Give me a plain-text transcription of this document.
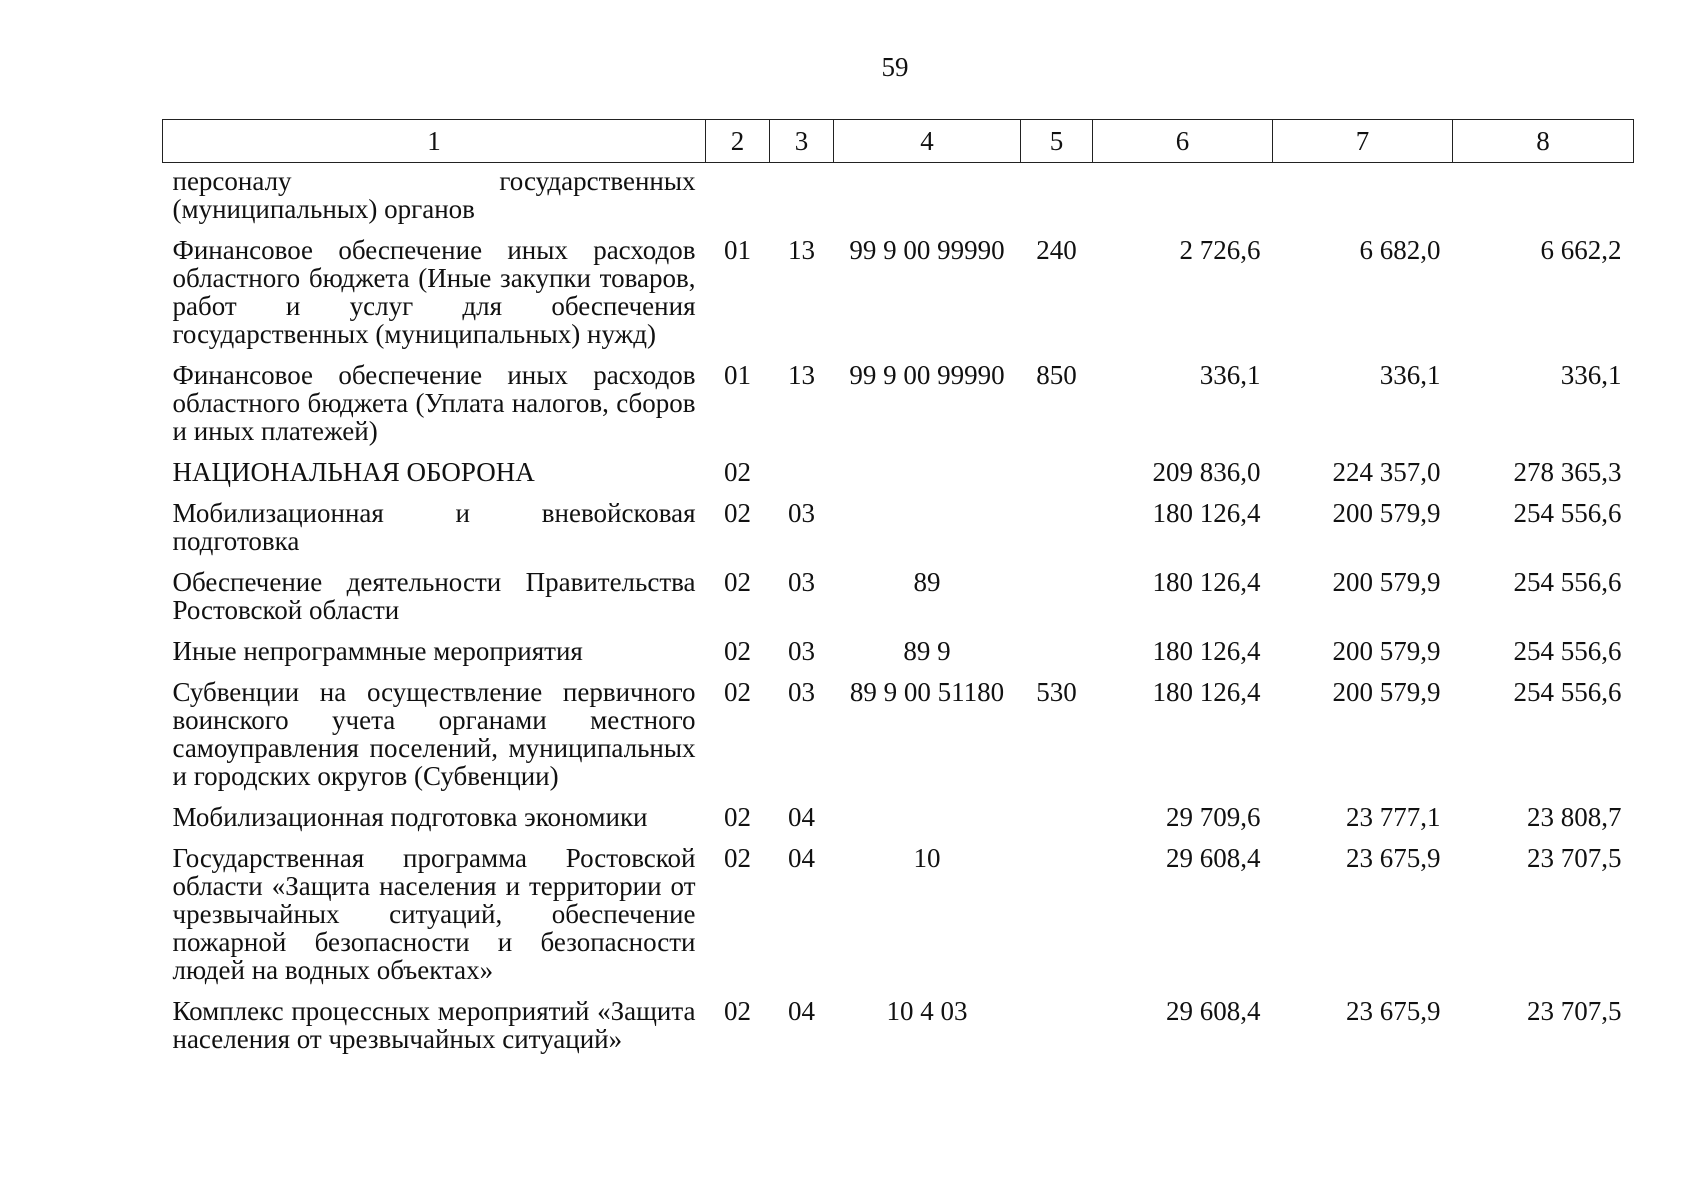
59
1	2	3	4	5	6	7	8
персоналу государственных (муниципальных) органов							
Финансовое обеспечение иных расходов областного бюджета (Иные закупки товаров, работ и услуг для обеспечения государственных (муниципальных) нужд)	01	13	99 9 00 99990	240	2 726,6	6 682,0	6 662,2
Финансовое обеспечение иных расходов областного бюджета (Уплата налогов, сборов и иных платежей)	01	13	99 9 00 99990	850	336,1	336,1	336,1
НАЦИОНАЛЬНАЯ ОБОРОНА	02				209 836,0	224 357,0	278 365,3
Мобилизационная и вневойсковая подготовка	02	03			180 126,4	200 579,9	254 556,6
Обеспечение деятельности Правительства Ростовской области	02	03	89		180 126,4	200 579,9	254 556,6
Иные непрограммные мероприятия	02	03	89 9		180 126,4	200 579,9	254 556,6
Субвенции на осуществление первичного воинского учета органами местного самоуправления поселений, муниципальных и городских округов (Субвенции)	02	03	89 9 00 51180	530	180 126,4	200 579,9	254 556,6
Мобилизационная подготовка экономики	02	04			29 709,6	23 777,1	23 808,7
Государственная программа Ростовской области «Защита населения и территории от чрезвычайных ситуаций, обеспечение пожарной безопасности и безопасности людей на водных объектах»	02	04	10		29 608,4	23 675,9	23 707,5
Комплекс процессных мероприятий «Защита населения от чрезвычайных ситуаций»	02	04	10 4 03		29 608,4	23 675,9	23 707,5
